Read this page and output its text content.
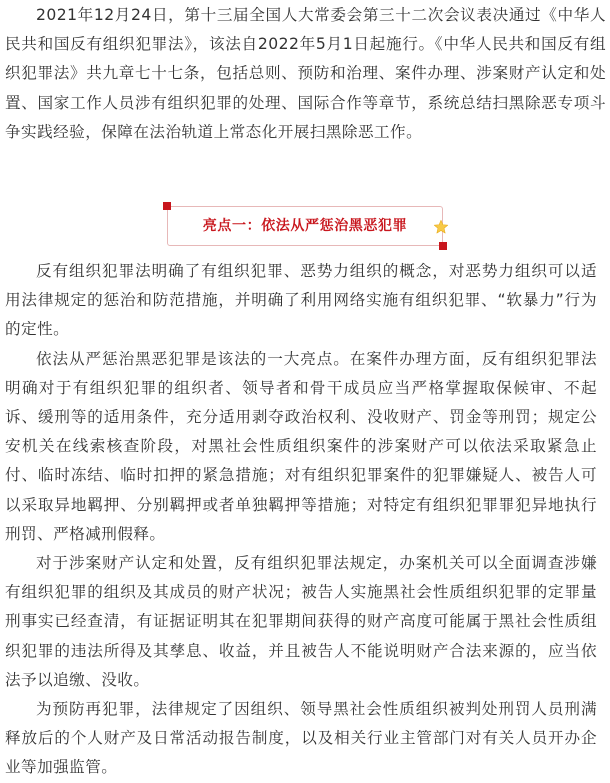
2021年12月24日，第十三届全国人大常委会第三十二次会议表决通过《中华人民共和国反有组织犯罪法》，该法自2022年5月1日起施行。《中华人民共和国反有组织犯罪法》共九章七十七条，包括总则、预防和治理、案件办理、涉案财产认定和处置、国家工作人员涉有组织犯罪的处理、国际合作等章节，系统总结扫黑除恶专项斗争实践经验，保障在法治轨道上常态化开展扫黑除恶工作。

亮点一：依法从严惩治黑恶犯罪

反有组织犯罪法明确了有组织犯罪、恶势力组织的概念，对恶势力组织可以适用法律规定的惩治和防范措施，并明确了利用网络实施有组织犯罪、“软暴力”行为的定性。

依法从严惩治黑恶犯罪是该法的一大亮点。在案件办理方面，反有组织犯罪法明确对于有组织犯罪的组织者、领导者和骨干成员应当严格掌握取保候审、不起诉、缓刑等的适用条件，充分适用剥夺政治权利、没收财产、罚金等刑罚；规定公安机关在线索核查阶段，对黑社会性质组织案件的涉案财产可以依法采取紧急止付、临时冻结、临时扣押的紧急措施；对有组织犯罪案件的犯罪嫌疑人、被告人可以采取异地羁押、分别羁押或者单独羁押等措施；对特定有组织犯罪罪犯异地执行刑罚、严格减刑假释。

对于涉案财产认定和处置，反有组织犯罪法规定，办案机关可以全面调查涉嫌有组织犯罪的组织及其成员的财产状况；被告人实施黑社会性质组织犯罪的定罪量刑事实已经查清，有证据证明其在犯罪期间获得的财产高度可能属于黑社会性质组织犯罪的违法所得及其孳息、收益，并且被告人不能说明财产合法来源的，应当依法予以追缴、没收。

为预防再犯罪，法律规定了因组织、领导黑社会性质组织被判处刑罚人员刑满释放后的个人财产及日常活动报告制度，以及相关行业主管部门对有关人员开办企业等加强监管。
